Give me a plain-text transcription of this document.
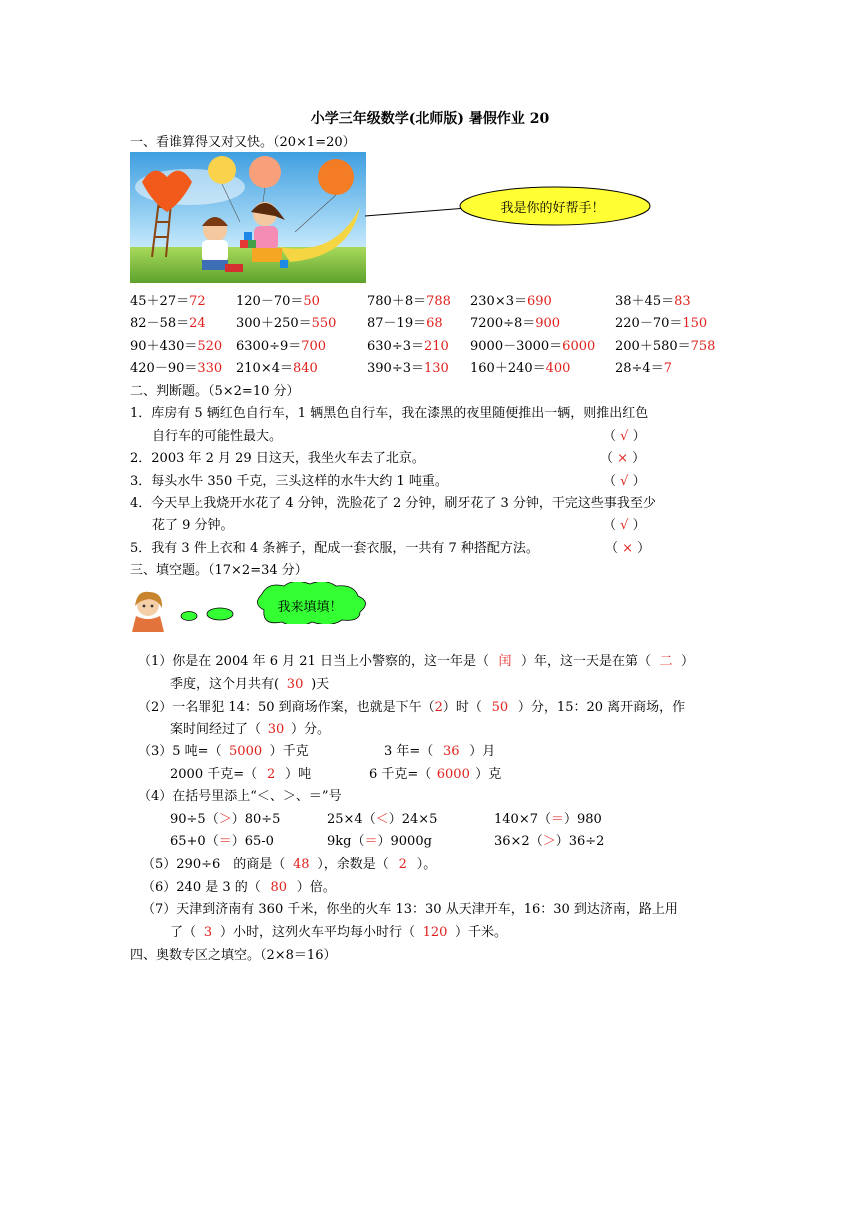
小学三年级数学(北师版) 暑假作业 20
一、看谁算得又对又快。（20×1=20）
我是你的好帮手！
45＋27＝72 120－70＝50	780＋8＝788 230×3＝690	38＋45＝83
82－58＝24 300＋250＝550 87－19＝68 7200÷8＝900	220－70＝150
90＋430＝520 6300÷9＝700	630÷3＝210 9000－3000＝6000 200＋580＝758
420－90＝330 210×4＝840	390÷3＝130 160＋240＝400	28÷4＝7
二、判断题。（5×2=10 分）
1．库房有 5 辆红色自行车，1 辆黑色自行车，我在漆黑的夜里随便推出一辆，则推出红色
自行车的可能性最大。	（ √ ）
2．2003 年 2 月 29 日这天，我坐火车去了北京。	（ × ）
3．每头水牛 350 千克，三头这样的水牛大约 1 吨重。	（ √ ）
4．今天早上我烧开水花了 4 分钟，洗脸花了 2 分钟，刷牙花了 3 分钟，干完这些事我至少
花了 9 分钟。	（ √ ）
5．我有 3 件上衣和 4 条裤子，配成一套衣服，一共有 7 种搭配方法。	（ × ）
三、填空题。（17×2=34 分）
我来填填！
（1）你是在 2004 年 6 月 21 日当上小警察的，这一年是（ 闰 ）年，这一天是在第（ 二 ）
季度，这个月共有( 30 )天
（2）一名罪犯 14：50 到商场作案，也就是下午（2）时（ 50 ）分，15：20 离开商场，作
案时间经过了（ 30 ）分。
（3）5 吨=（ 5000 ）千克	3 年=（ 36 ）月
2000 千克=（ 2 ）吨	6 千克=（ 6000 ）克
（4）在括号里添上“＜、＞、＝”号
90÷5（＞）80÷5	25×4（＜）24×5	140×7（＝）980
65+0（＝）65-0	9kg（＝）9000g	36×2（＞）36÷2
（5）290÷6　的商是（ 48 ），余数是（ 2 ）。
（6）240 是 3 的（ 80 ）倍。
（7）天津到济南有 360 千米，你坐的火车 13：30 从天津开车，16：30 到达济南，路上用
了（ 3 ）小时，这列火车平均每小时行（ 120 ）千米。
四、奥数专区之填空。（2×8＝16）
